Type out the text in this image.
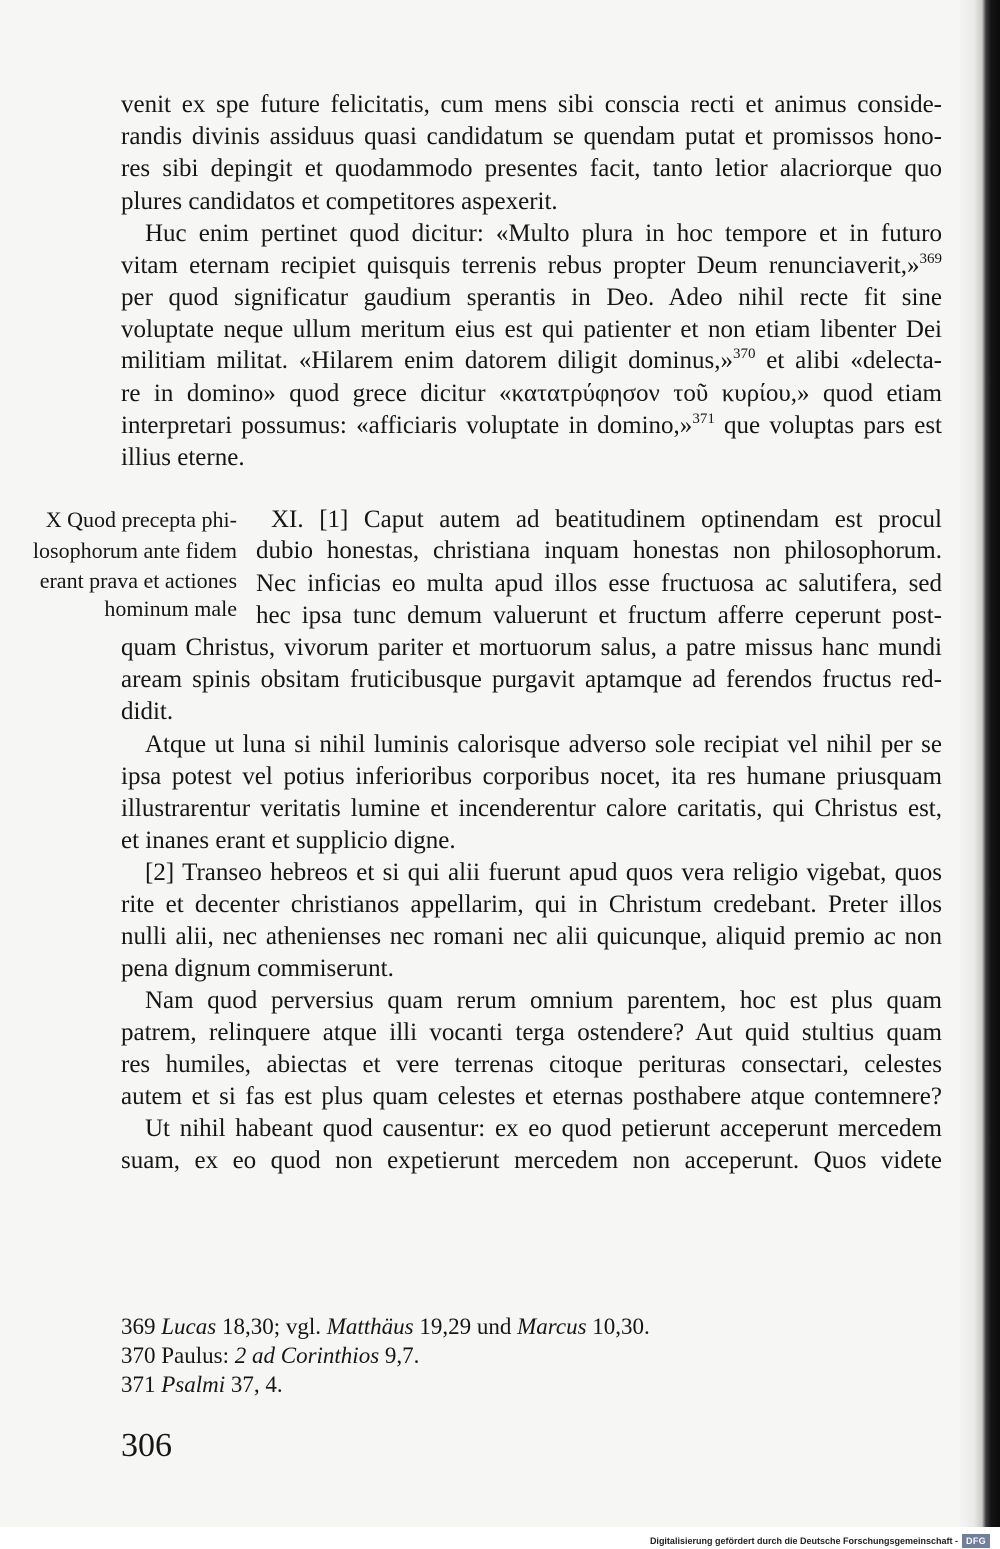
venit ex spe future felicitatis, cum mens sibi conscia recti et animus conside-
randis divinis assiduus quasi candidatum se quendam putat et promissos hono-
res sibi depingit et quodammodo presentes facit, tanto letior alacriorque quo
plures candidatos et competitores aspexerit.
Huc enim pertinet quod dicitur: «Multo plura in hoc tempore et in futuro
vitam eternam recipiet quisquis terrenis rebus propter Deum renunciaverit,»$^{369}$
per quod significatur gaudium sperantis in Deo. Adeo nihil recte fit sine
voluptate neque ullum meritum eius est qui patienter et non etiam libenter Dei
militiam militat. «Hilarem enim datorem diligit dominus,»$^{370}$ et alibi «delecta-
re in domino» quod grece dicitur «κατατρύφησον τοῦ κυρίου,» quod etiam
interpretari possumus: «afficiaris voluptate in domino,»$^{371}$ que voluptas pars est
illius eterne.
XI. [1] Caput autem ad beatitudinem optinendam est procul
dubio honestas, christiana inquam honestas non philosophorum.
Nec inficias eo multa apud illos esse fructuosa ac salutifera, sed
hec ipsa tunc demum valuerunt et fructum afferre ceperunt post-
quam Christus, vivorum pariter et mortuorum salus, a patre missus hanc mundi
aream spinis obsitam fruticibusque purgavit aptamque ad ferendos fructus red-
didit.
Atque ut luna si nihil luminis calorisque adverso sole recipiat vel nihil per se
ipsa potest vel potius inferioribus corporibus nocet, ita res humane priusquam
illustrarentur veritatis lumine et incenderentur calore caritatis, qui Christus est,
et inanes erant et supplicio digne.
[2] Transeo hebreos et si qui alii fuerunt apud quos vera religio vigebat, quos
rite et decenter christianos appellarim, qui in Christum credebant. Preter illos
nulli alii, nec athenienses nec romani nec alii quicunque, aliquid premio ac non
pena dignum commiserunt.
Nam quod perversius quam rerum omnium parentem, hoc est plus quam
patrem, relinquere atque illi vocanti terga ostendere? Aut quid stultius quam
res humiles, abiectas et vere terrenas citoque perituras consectari, celestes
autem et si fas est plus quam celestes et eternas posthabere atque contemnere?
Ut nihil habeant quod causentur: ex eo quod petierunt acceperunt mercedem
suam, ex eo quod non expetierunt mercedem non acceperunt. Quos videte
X Quod precepta phi-
losophorum ante fidem
erant prava et actiones
hominum male
369 Lucas 18,30; vgl. Matthäus 19,29 und Marcus 10,30.
370 Paulus: 2 ad Corinthios 9,7.
371 Psalmi 37, 4.
306
Digitalisierung gefördert durch die Deutsche Forschungsgemeinschaft - DFG
